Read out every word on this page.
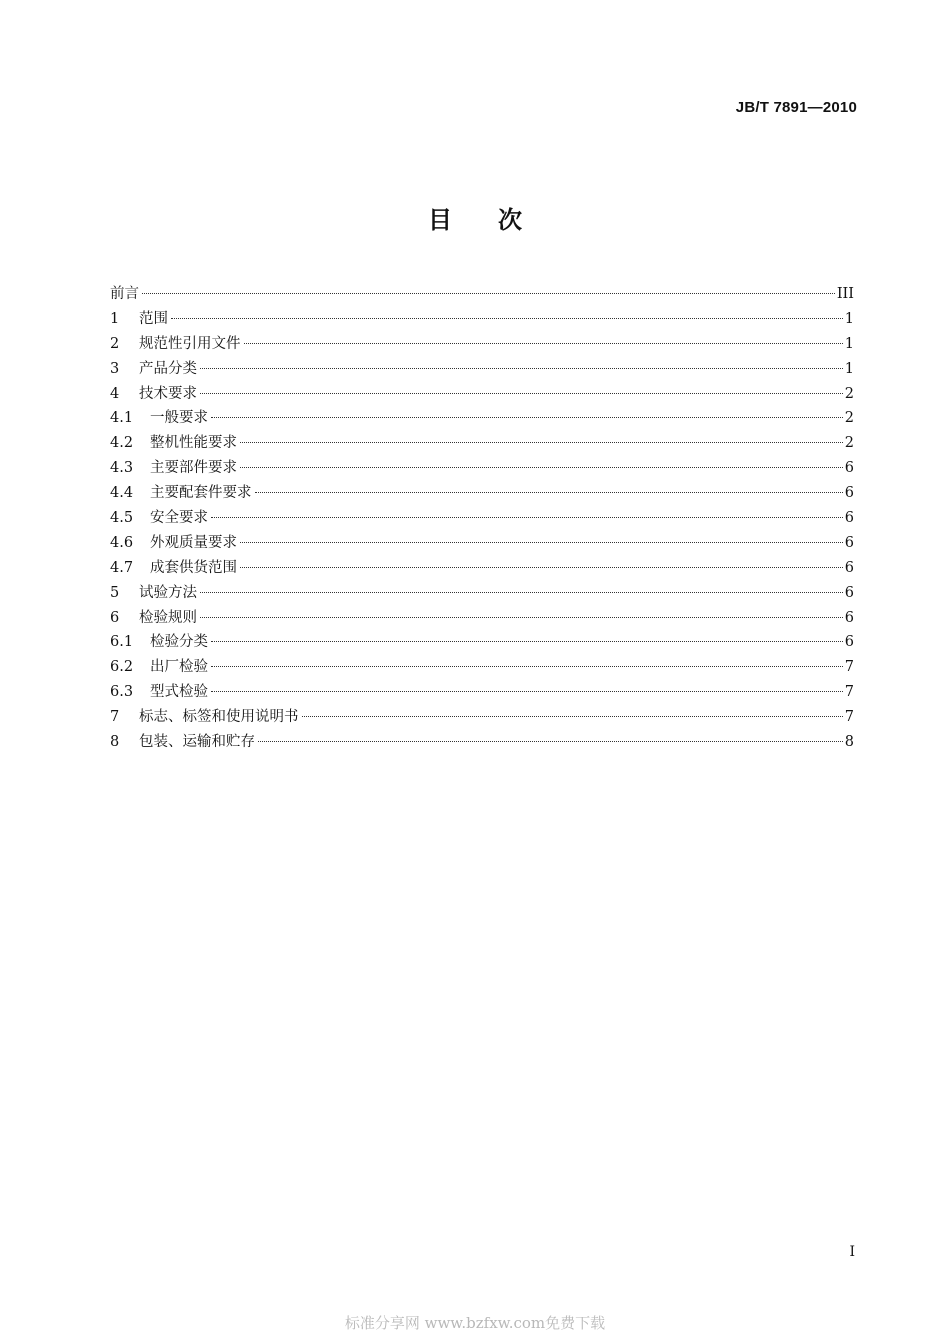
JB/T 7891—2010
目 次
前言	III
1	范围	1
2	规范性引用文件	1
3	产品分类	1
4	技术要求	2
4.1	一般要求	2
4.2	整机性能要求	2
4.3	主要部件要求	6
4.4	主要配套件要求	6
4.5	安全要求	6
4.6	外观质量要求	6
4.7	成套供货范围	6
5	试验方法	6
6	检验规则	6
6.1	检验分类	6
6.2	出厂检验	7
6.3	型式检验	7
7	标志、标签和使用说明书	7
8	包装、运输和贮存	8
I
标准分享网 www.bzfxw.com免费下载
